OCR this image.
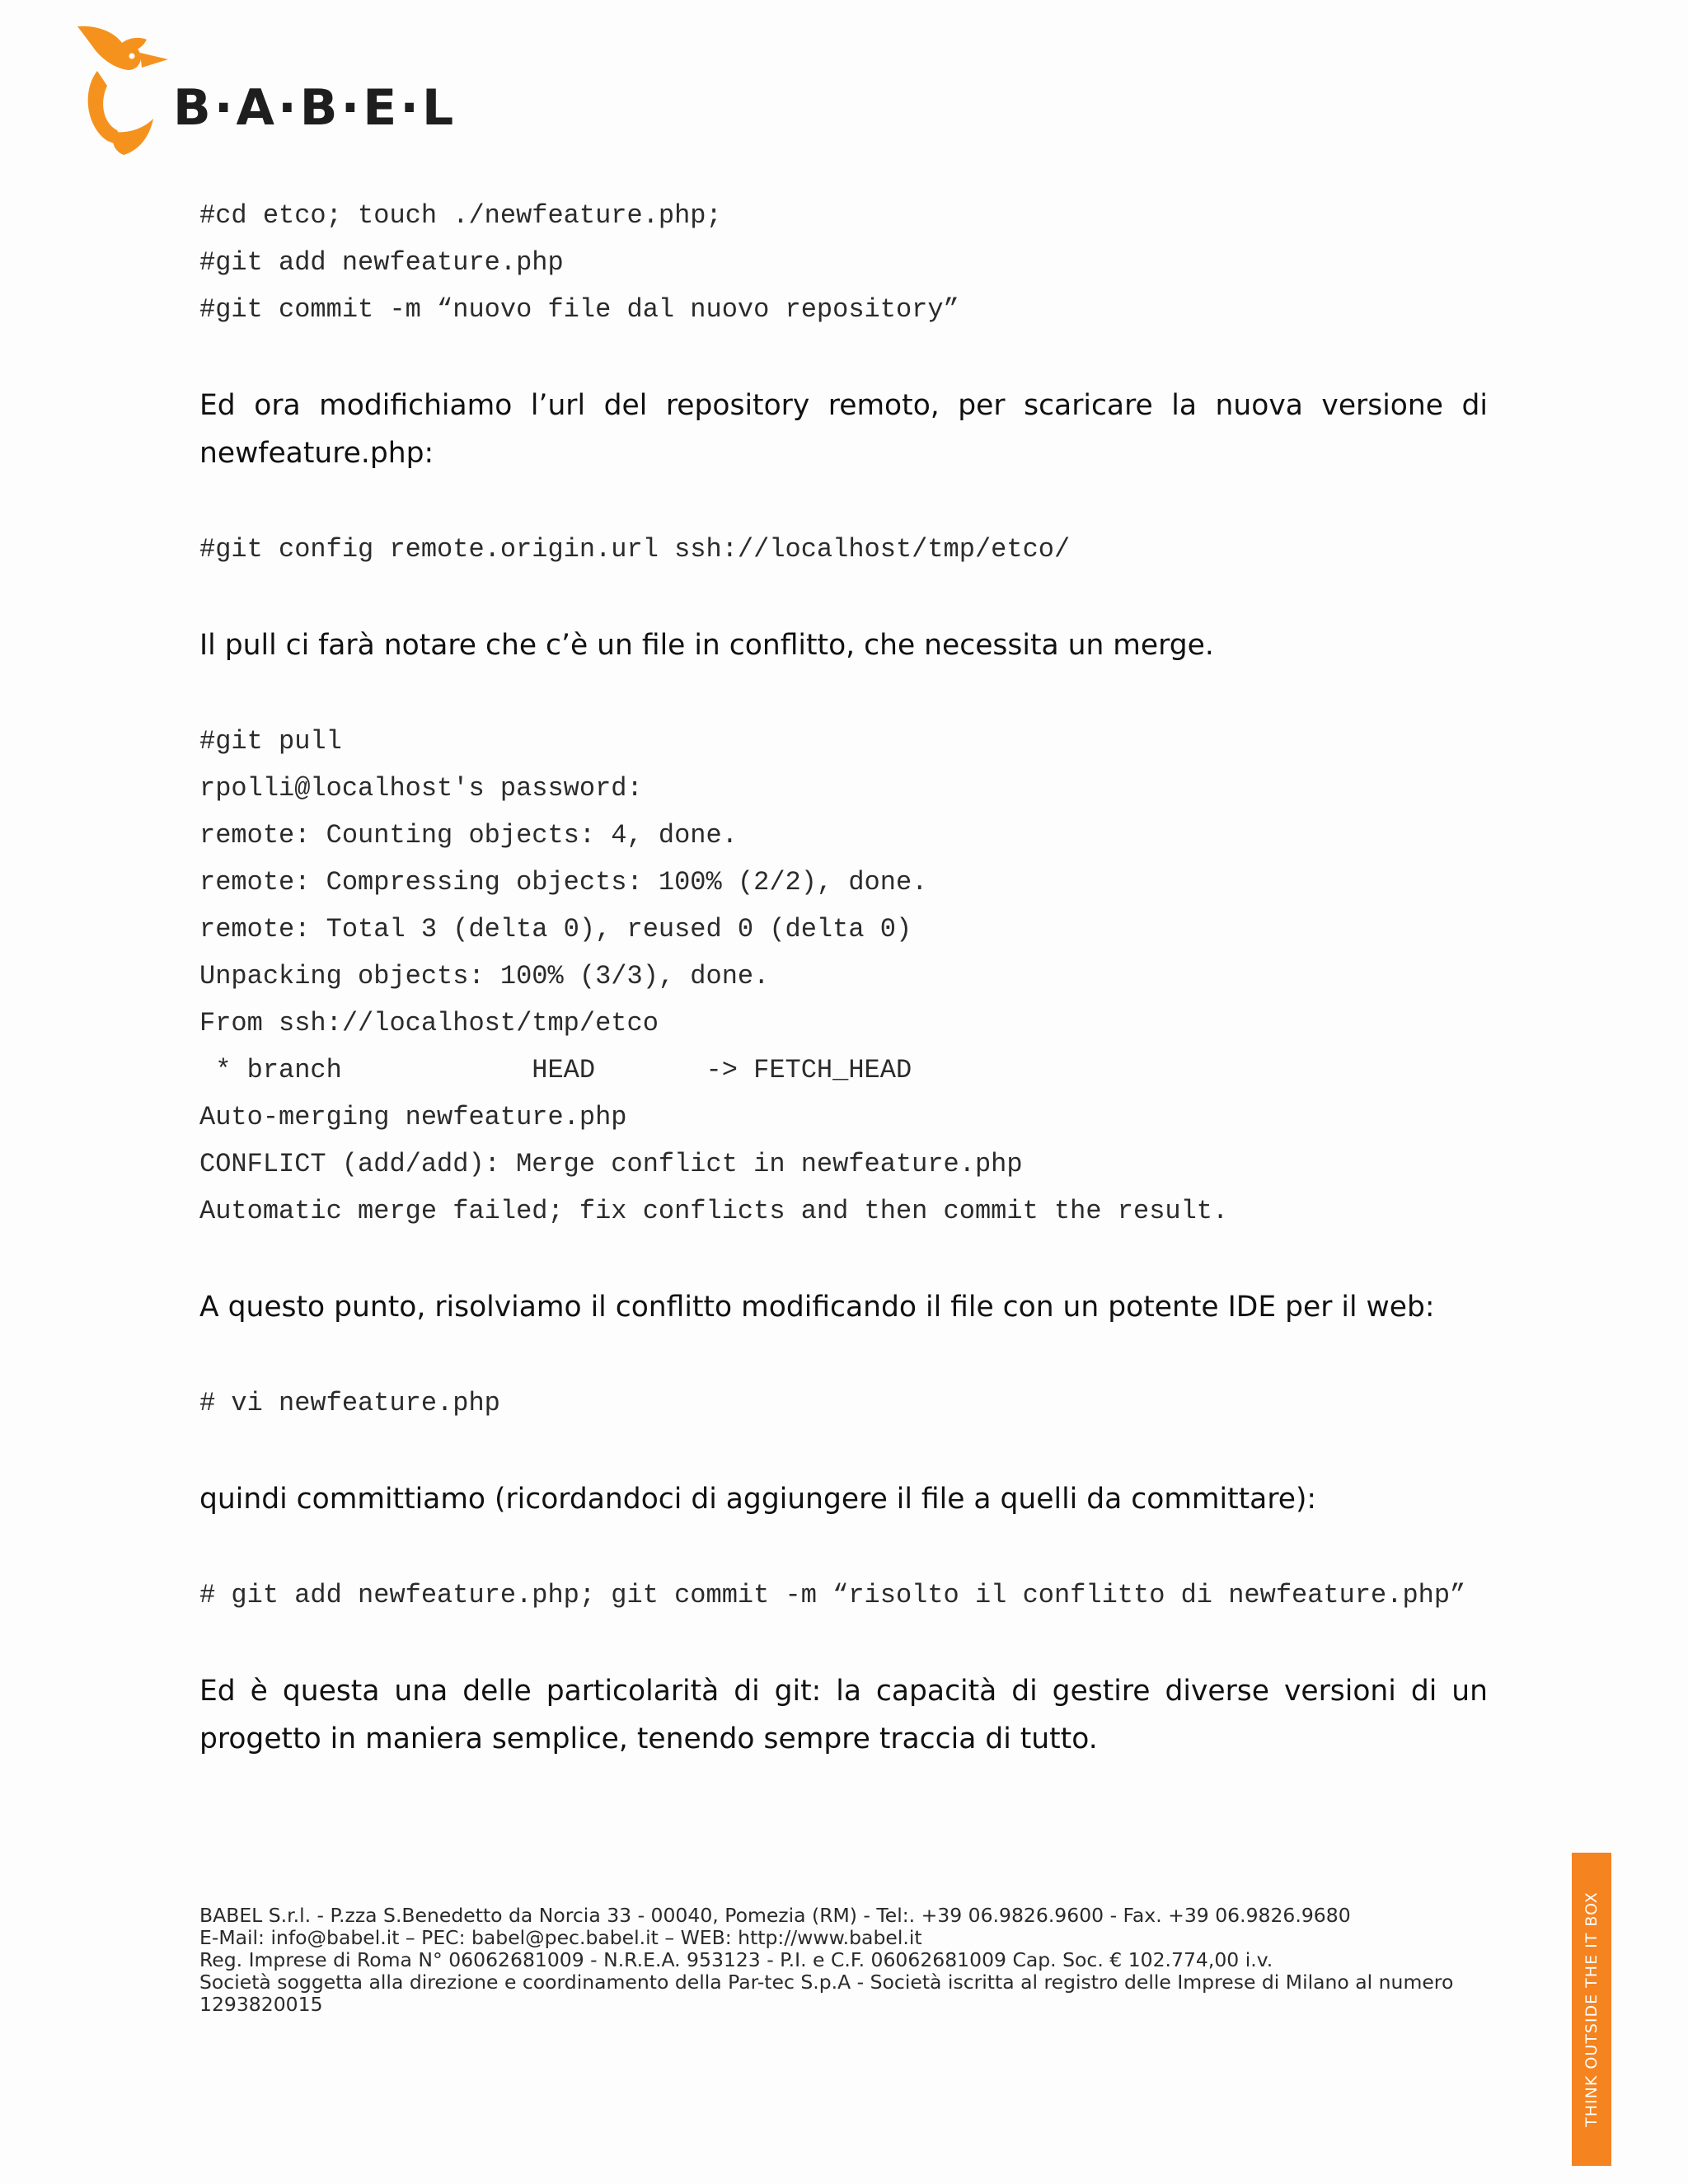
B·A·B·E·L
#cd etco; touch ./newfeature.php;
#git add newfeature.php
#git commit -m “nuovo file dal nuovo repository”

Ed ora modifichiamo l’url del repository remoto, per scaricare la nuova versione di newfeature.php:

#git config remote.origin.url ssh://localhost/tmp/etco/

Il pull ci farà notare che c’è un file in conflitto, che necessita un merge.

#git pull
rpolli@localhost's password:
remote: Counting objects: 4, done.
remote: Compressing objects: 100% (2/2), done.
remote: Total 3 (delta 0), reused 0 (delta 0)
Unpacking objects: 100% (3/3), done.
From ssh://localhost/tmp/etco
* branch            HEAD       -> FETCH_HEAD
Auto-merging newfeature.php
CONFLICT (add/add): Merge conflict in newfeature.php
Automatic merge failed; fix conflicts and then commit the result.

A questo punto, risolviamo il conflitto modificando il file con un potente IDE per il web:

# vi newfeature.php

quindi committiamo (ricordandoci di aggiungere il file a quelli da committare):

# git add newfeature.php; git commit -m “risolto il conflitto di newfeature.php”

Ed è questa una delle particolarità di git: la capacità di gestire diverse versioni di un progetto in maniera semplice, tenendo sempre traccia di tutto.

BABEL S.r.l. - P.zza S.Benedetto da Norcia 33 - 00040, Pomezia (RM) - Tel:. +39 06.9826.9600 - Fax. +39 06.9826.9680
E-Mail: info@babel.it – PEC: babel@pec.babel.it – WEB: http://www.babel.it
Reg. Imprese di Roma N° 06062681009 - N.R.E.A. 953123 - P.I. e C.F. 06062681009 Cap. Soc. € 102.774,00 i.v.
Società soggetta alla direzione e coordinamento della Par-tec S.p.A - Società iscritta al registro delle Imprese di Milano al numero
1293820015	THINK OUTSIDE THE IT BOX
